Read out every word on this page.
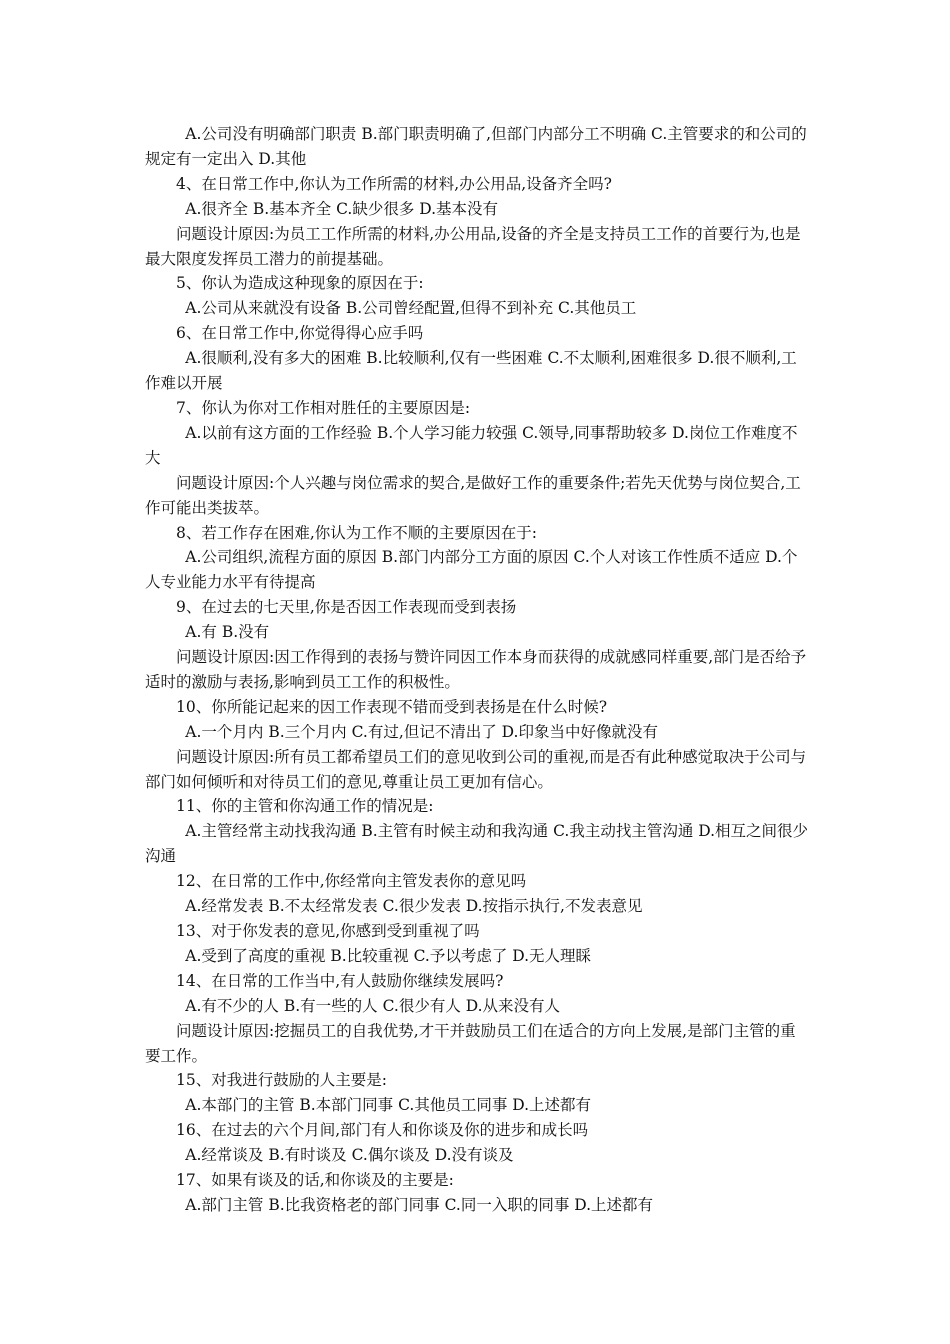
A.公司没有明确部门职责 B.部门职责明确了,但部门内部分工不明确 C.主管要求的和公司的规定有一定出入 D.其他

4、在日常工作中,你认为工作所需的材料,办公用品,设备齐全吗?

A.很齐全 B.基本齐全 C.缺少很多 D.基本没有

问题设计原因:为员工工作所需的材料,办公用品,设备的齐全是支持员工工作的首要行为,也是最大限度发挥员工潜力的前提基础。

5、你认为造成这种现象的原因在于:

A.公司从来就没有设备 B.公司曾经配置,但得不到补充 C.其他员工

6、在日常工作中,你觉得得心应手吗

A.很顺利,没有多大的困难 B.比较顺利,仅有一些困难 C.不太顺利,困难很多 D.很不顺利,工作难以开展

7、你认为你对工作相对胜任的主要原因是:

A.以前有这方面的工作经验 B.个人学习能力较强 C.领导,同事帮助较多 D.岗位工作难度不大

问题设计原因:个人兴趣与岗位需求的契合,是做好工作的重要条件;若先天优势与岗位契合,工作可能出类拔萃。

8、若工作存在困难,你认为工作不顺的主要原因在于:

A.公司组织,流程方面的原因 B.部门内部分工方面的原因 C.个人对该工作性质不适应 D.个人专业能力水平有待提高

9、在过去的七天里,你是否因工作表现而受到表扬

A.有 B.没有

问题设计原因:因工作得到的表扬与赞许同因工作本身而获得的成就感同样重要,部门是否给予适时的激励与表扬,影响到员工工作的积极性。

10、你所能记起来的因工作表现不错而受到表扬是在什么时候?

A.一个月内 B.三个月内 C.有过,但记不清出了 D.印象当中好像就没有

问题设计原因:所有员工都希望员工们的意见收到公司的重视,而是否有此种感觉取决于公司与部门如何倾听和对待员工们的意见,尊重让员工更加有信心。

11、你的主管和你沟通工作的情况是:

A.主管经常主动找我沟通 B.主管有时候主动和我沟通 C.我主动找主管沟通 D.相互之间很少沟通

12、在日常的工作中,你经常向主管发表你的意见吗

A.经常发表 B.不太经常发表 C.很少发表 D.按指示执行,不发表意见

13、对于你发表的意见,你感到受到重视了吗

A.受到了高度的重视 B.比较重视 C.予以考虑了 D.无人理睬

14、在日常的工作当中,有人鼓励你继续发展吗?

A.有不少的人 B.有一些的人 C.很少有人 D.从来没有人

问题设计原因:挖掘员工的自我优势,才干并鼓励员工们在适合的方向上发展,是部门主管的重要工作。

15、对我进行鼓励的人主要是:

A.本部门的主管 B.本部门同事 C.其他员工同事 D.上述都有

16、在过去的六个月间,部门有人和你谈及你的进步和成长吗

A.经常谈及 B.有时谈及 C.偶尔谈及 D.没有谈及

17、如果有谈及的话,和你谈及的主要是:

A.部门主管 B.比我资格老的部门同事 C.同一入职的同事 D.上述都有
